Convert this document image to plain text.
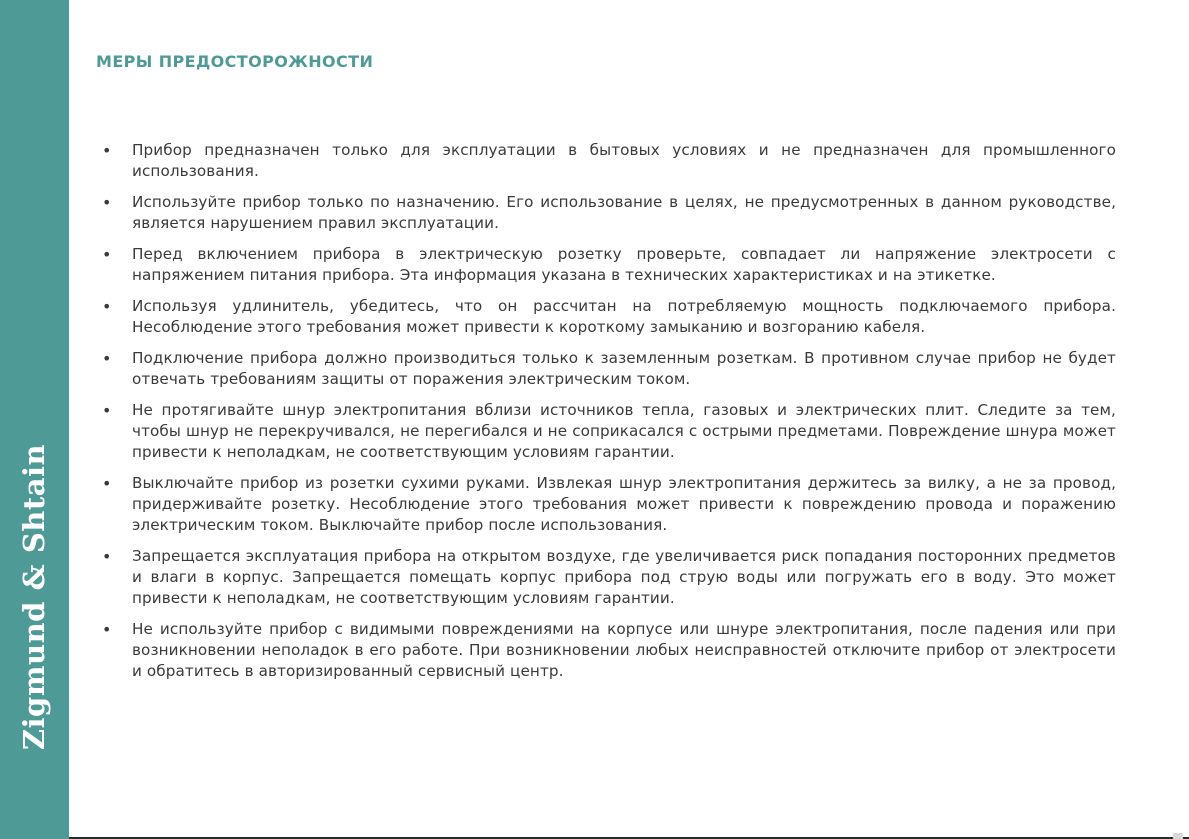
Zigmund & Shtain
МЕРЫ ПРЕДОСТОРОЖНОСТИ
• Прибор предназначен только для эксплуатации в бытовых условиях и не предназначен для промышленного использования.
• Используйте прибор только по назначению. Его использование в целях, не предусмотренных в данном руководстве, является нарушением правил эксплуатации.
• Перед включением прибора в электрическую розетку проверьте, совпадает ли напряжение электросети с напряжением питания прибора. Эта информация указана в технических характеристиках и на этикетке.
• Используя удлинитель, убедитесь, что он рассчитан на потребляемую мощность подключаемого прибора. Несоблюдение этого требования может привести к короткому замыканию и возгоранию кабеля.
• Подключение прибора должно производиться только к заземленным розеткам. В противном случае прибор не будет отвечать требованиям защиты от поражения электрическим током.
• Не протягивайте шнур электропитания вблизи источников тепла, газовых и электрических плит. Следите за тем, чтобы шнур не перекручивался, не перегибался и не соприкасался с острыми предметами. Повреждение шнура может привести к неполадкам, не соответствующим условиям гарантии.
• Выключайте прибор из розетки сухими руками. Извлекая шнур электропитания держитесь за вилку, а не за провод, придерживайте розетку. Несоблюдение этого требования может привести к повреждению провода и поражению электрическим током. Выключайте прибор после использования.
• Запрещается эксплуатация прибора на открытом воздухе, где увеличивается риск попадания посторонних предметов и влаги в корпус. Запрещается помещать корпус прибора под струю воды или погружать его в воду. Это может привести к неполадкам, не соответствующим условиям гарантии.
• Не используйте прибор с видимыми повреждениями на корпусе или шнуре электропитания, после падения или при возникновении неполадок в его работе. При возникновении любых неисправностей отключите прибор от электросети и обратитесь в авторизированный сервисный центр.
